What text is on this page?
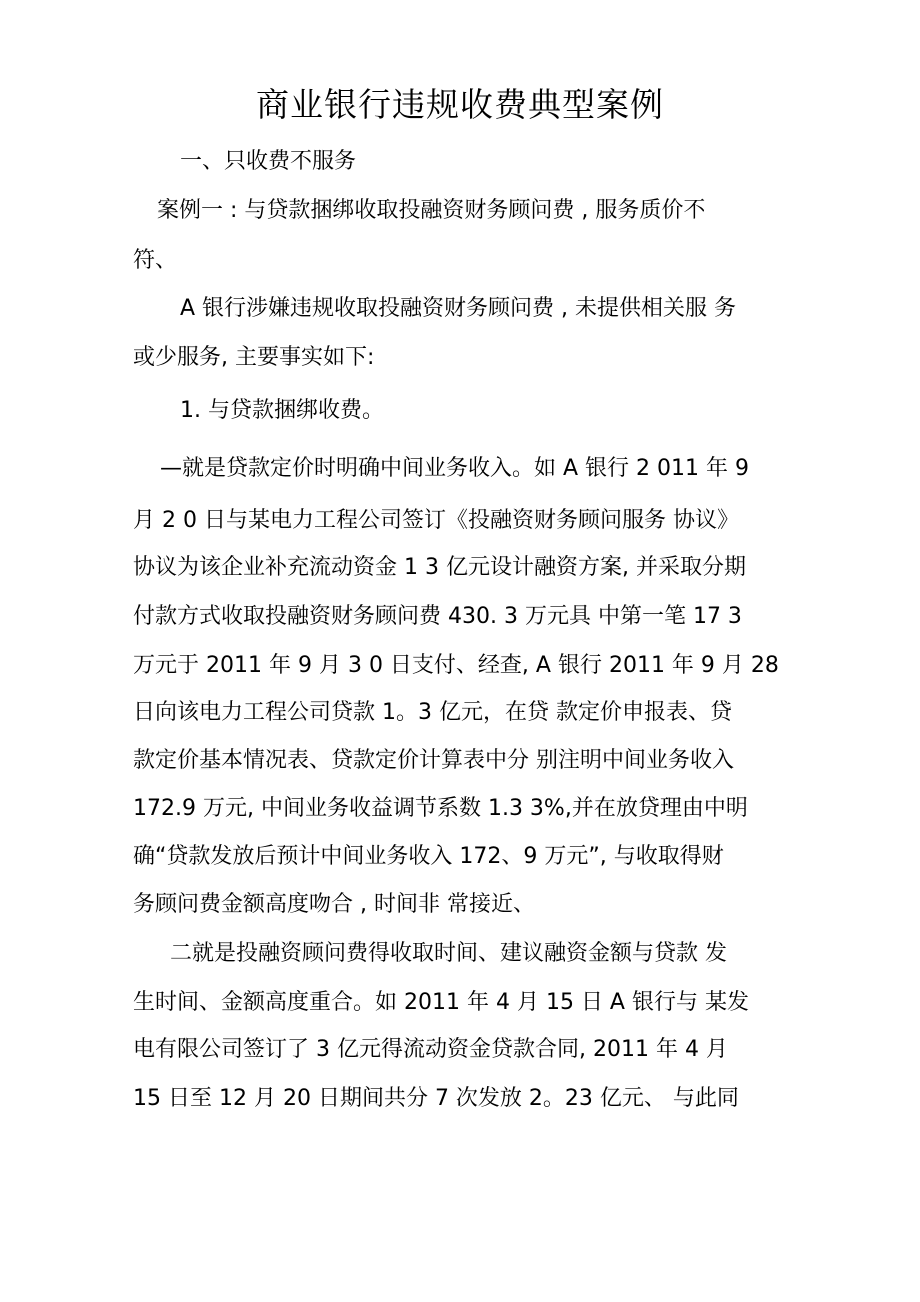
商业银行违规收费典型案例

一、只收费不服务

案例一 : 与贷款捆绑收取投融资财务顾问费 , 服务质价不

符、

A 银行涉嫌违规收取投融资财务顾问费 , 未提供相关服 务

或少服务, 主要事实如下:

1. 与贷款捆绑收费。

—就是贷款定价时明确中间业务收入。如 A 银行 2 011 年 9

月 2 0 日与某电力工程公司签订《投融资财务顾问服务 协议》

协议为该企业补充流动资金 1 3 亿元设计融资方案, 并采取分期

付款方式收取投融资财务顾问费 430. 3 万元具 中第一笔 17 3

万元于 2011 年 9 月 3 0 日支付、经查, A 银行 2011 年 9 月 28

日向该电力工程公司贷款 1。3 亿元，在贷 款定价申报表、贷

款定价基本情况表、贷款定价计算表中分 别注明中间业务收入

172.9 万元, 中间业务收益调节系数 1.3 3%,并在放贷理由中明

确“贷款发放后预计中间业务收入 172、9 万元”, 与收取得财

务顾问费金额高度吻合 , 时间非 常接近、

二就是投融资顾问费得收取时间、建议融资金额与贷款 发

生时间、金额高度重合。如 2011 年 4 月 15 日 A 银行与 某发

电有限公司签订了 3 亿元得流动资金贷款合同, 2011 年 4 月

15 日至 12 月 20 日期间共分 7 次发放 2。23 亿元、 与此同
